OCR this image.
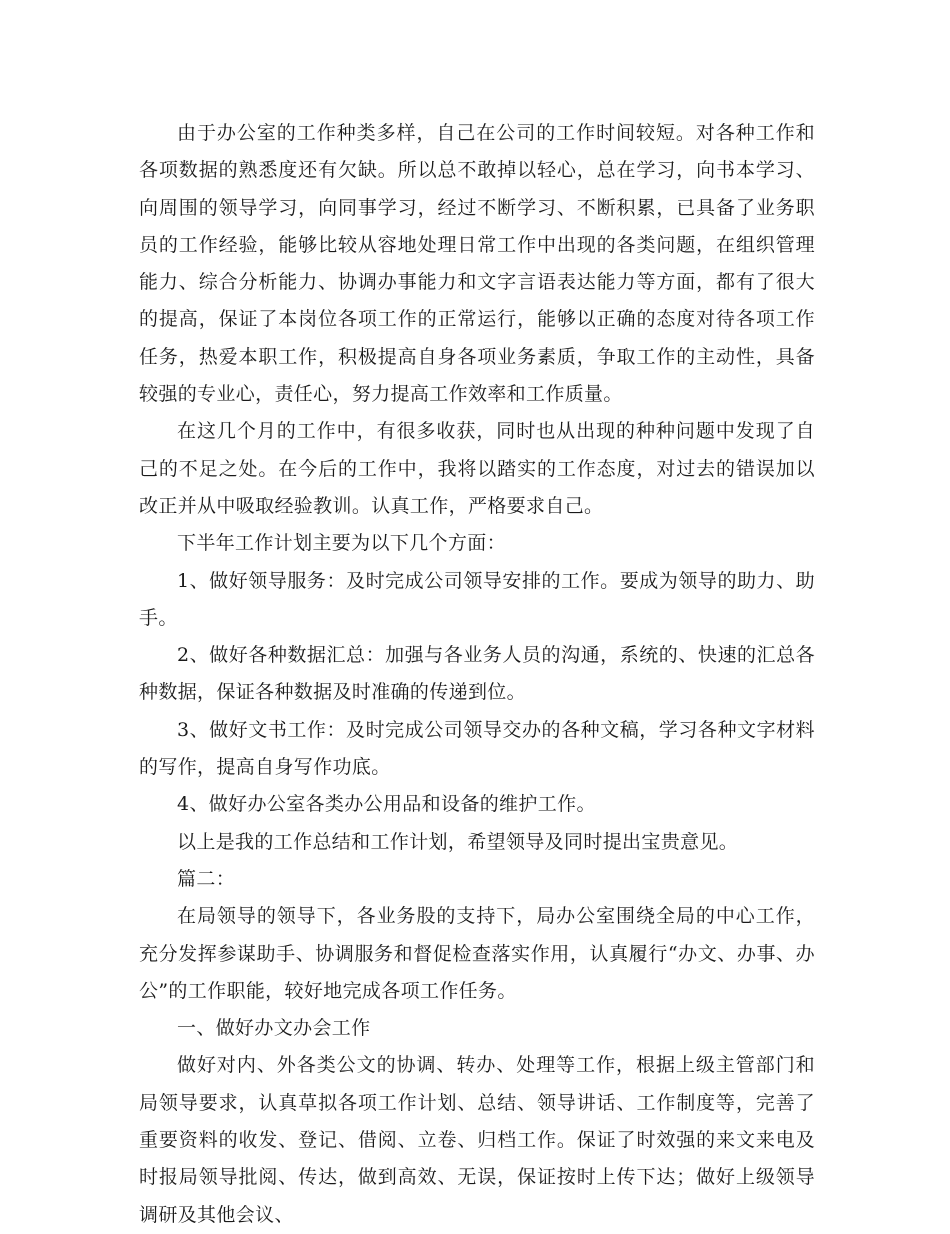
由于办公室的工作种类多样，自己在公司的工作时间较短。对各种工作和各项数据的熟悉度还有欠缺。所以总不敢掉以轻心，总在学习，向书本学习、向周围的领导学习，向同事学习，经过不断学习、不断积累，已具备了业务职员的工作经验，能够比较从容地处理日常工作中出现的各类问题，在组织管理能力、综合分析能力、协调办事能力和文字言语表达能力等方面，都有了很大的提高，保证了本岗位各项工作的正常运行，能够以正确的态度对待各项工作任务，热爱本职工作，积极提高自身各项业务素质，争取工作的主动性，具备较强的专业心，责任心，努力提高工作效率和工作质量。

在这几个月的工作中，有很多收获，同时也从出现的种种问题中发现了自己的不足之处。在今后的工作中，我将以踏实的工作态度，对过去的错误加以改正并从中吸取经验教训。认真工作，严格要求自己。

下半年工作计划主要为以下几个方面：

1、做好领导服务：及时完成公司领导安排的工作。要成为领导的助力、助手。

2、做好各种数据汇总：加强与各业务人员的沟通，系统的、快速的汇总各种数据，保证各种数据及时准确的传递到位。

3、做好文书工作：及时完成公司领导交办的各种文稿，学习各种文字材料的写作，提高自身写作功底。

4、做好办公室各类办公用品和设备的维护工作。

以上是我的工作总结和工作计划，希望领导及同时提出宝贵意见。

篇二：

在局领导的领导下，各业务股的支持下，局办公室围绕全局的中心工作，充分发挥参谋助手、协调服务和督促检查落实作用，认真履行“办文、办事、办公”的工作职能，较好地完成各项工作任务。

一、做好办文办会工作

做好对内、外各类公文的协调、转办、处理等工作，根据上级主管部门和局领导要求，认真草拟各项工作计划、总结、领导讲话、工作制度等，完善了重要资料的收发、登记、借阅、立卷、归档工作。保证了时效强的来文来电及时报局领导批阅、传达，做到高效、无误，保证按时上传下达；做好上级领导调研及其他会议、
